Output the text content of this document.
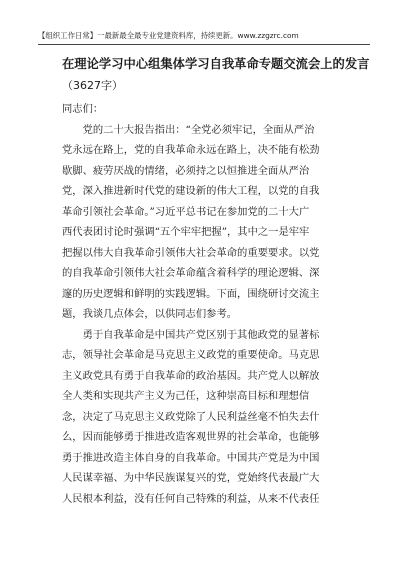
【组织工作日常】一最新最全最专业党建资料库，持续更新。www.zzgzrc.com
在理论学习中心组集体学习自我革命专题交流会上的发言
（3627字）
同志们：
　　党的二十大报告指出：“全党必须牢记，全面从严治
党永远在路上，党的自我革命永远在路上，决不能有松劲
歇脚、疲劳厌战的情绪，必须持之以恒推进全面从严治
党，深入推进新时代党的建设新的伟大工程，以党的自我
革命引领社会革命。”习近平总书记在参加党的二十大广
西代表团讨论时强调“五个牢牢把握”，其中之一是牢牢
把握以伟大自我革命引领伟大社会革命的重要要求。以党
的自我革命引领伟大社会革命蕴含着科学的理论逻辑、深
邃的历史逻辑和鲜明的实践逻辑。下面，围绕研讨交流主
题，我谈几点体会，以供同志们参考。
　　勇于自我革命是中国共产党区别于其他政党的显著标
志，领导社会革命是马克思主义政党的重要使命。马克思
主义政党具有勇于自我革命的政治基因。共产党人以解放
全人类和实现共产主义为己任，这种崇高目标和理想信
念，决定了马克思主义政党除了人民利益丝毫不怕失去什
么，因而能够勇于推进改造客观世界的社会革命，也能够
勇于推进改造主体自身的自我革命。中国共产党是为中国
人民谋幸福、为中华民族谋复兴的党，党始终代表最广大
人民根本利益，没有任何自己特殊的利益，从来不代表任
